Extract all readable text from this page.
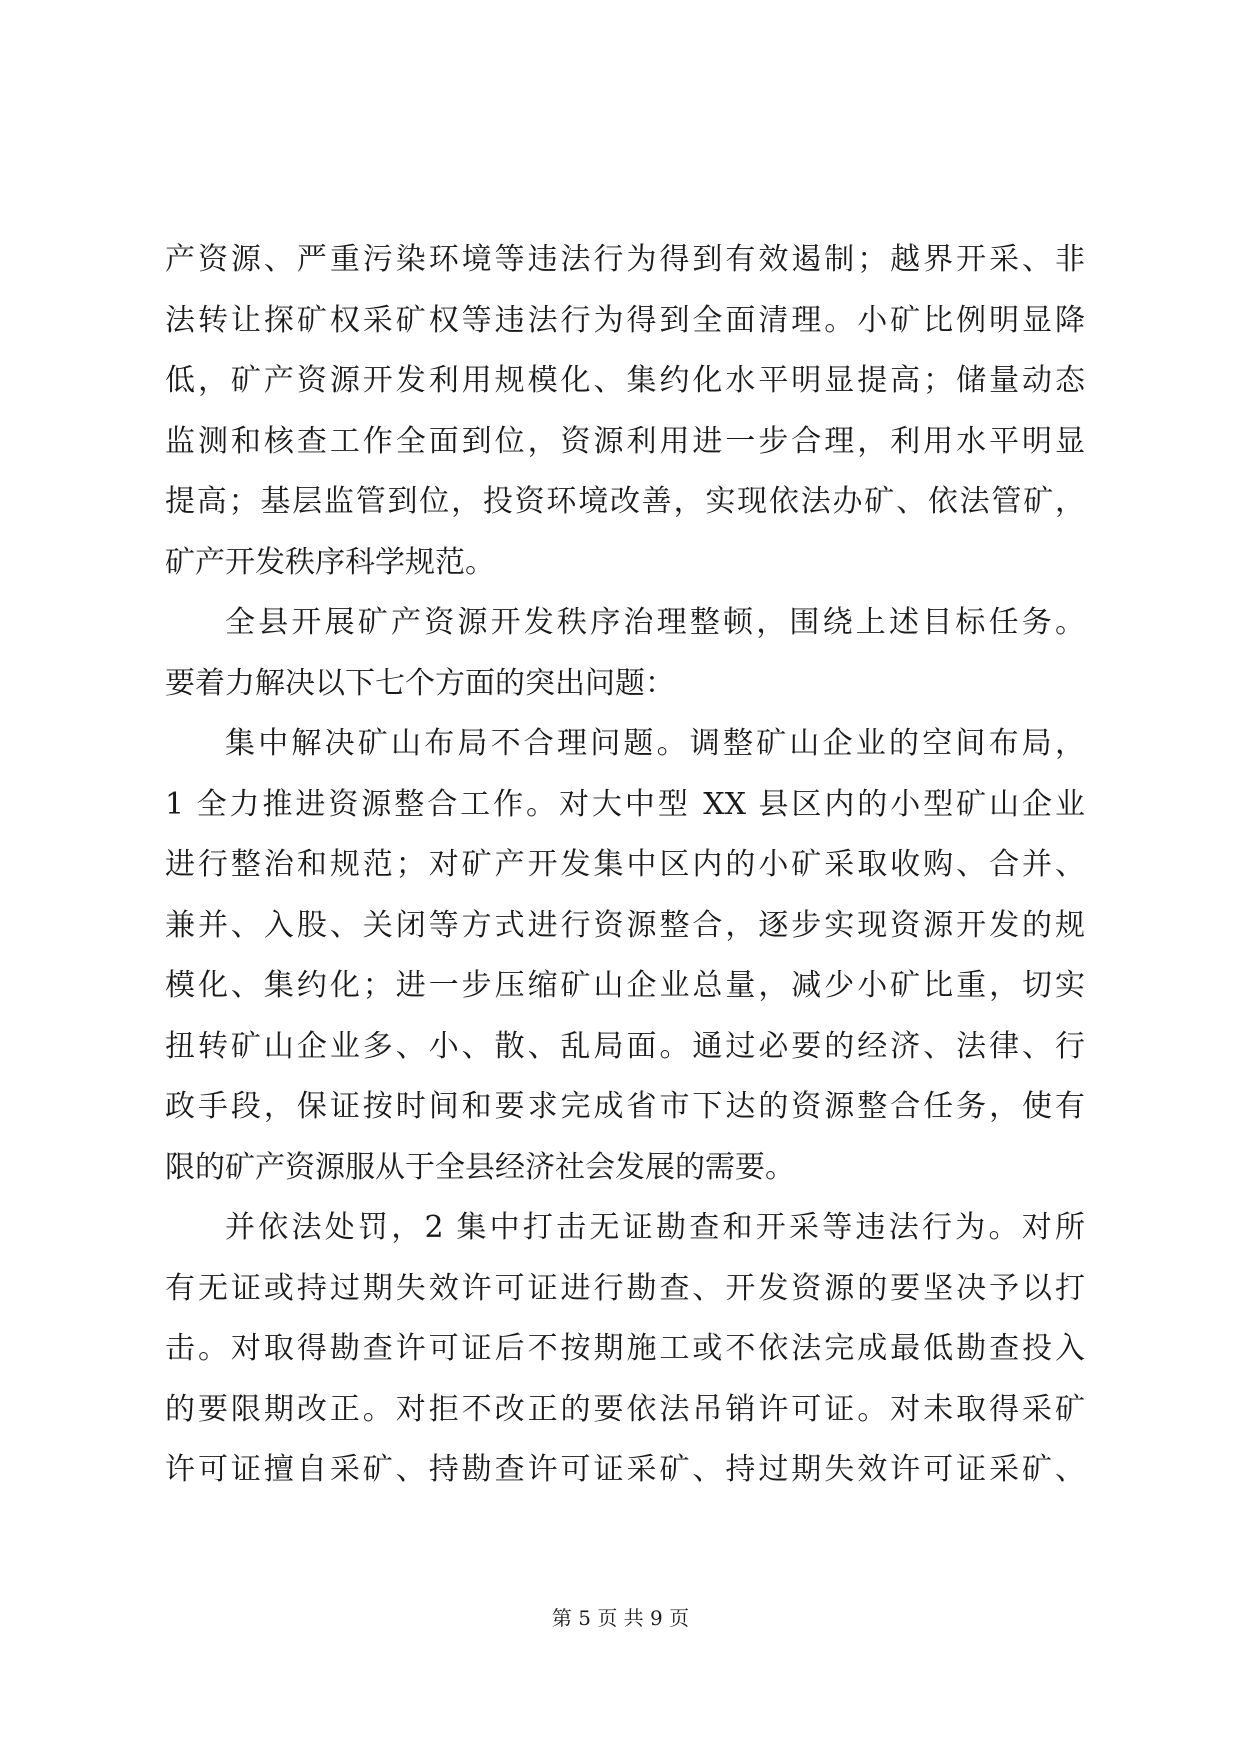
产资源、严重污染环境等违法行为得到有效遏制；越界开采、非
法转让探矿权采矿权等违法行为得到全面清理。小矿比例明显降
低，矿产资源开发利用规模化、集约化水平明显提高；储量动态
监测和核查工作全面到位，资源利用进一步合理，利用水平明显
提高；基层监管到位，投资环境改善，实现依法办矿、依法管矿，
矿产开发秩序科学规范。
全县开展矿产资源开发秩序治理整顿，围绕上述目标任务。
要着力解决以下七个方面的突出问题：
集中解决矿山布局不合理问题。调整矿山企业的空间布局，
1 全力推进资源整合工作。对大中型 XX 县区内的小型矿山企业
进行整治和规范；对矿产开发集中区内的小矿采取收购、合并、
兼并、入股、关闭等方式进行资源整合，逐步实现资源开发的规
模化、集约化；进一步压缩矿山企业总量，减少小矿比重，切实
扭转矿山企业多、小、散、乱局面。通过必要的经济、法律、行
政手段，保证按时间和要求完成省市下达的资源整合任务，使有
限的矿产资源服从于全县经济社会发展的需要。
并依法处罚，2 集中打击无证勘查和开采等违法行为。对所
有无证或持过期失效许可证进行勘查、开发资源的要坚决予以打
击。对取得勘查许可证后不按期施工或不依法完成最低勘查投入
的要限期改正。对拒不改正的要依法吊销许可证。对未取得采矿
许可证擅自采矿、持勘查许可证采矿、持过期失效许可证采矿、
第 5 页 共 9 页
